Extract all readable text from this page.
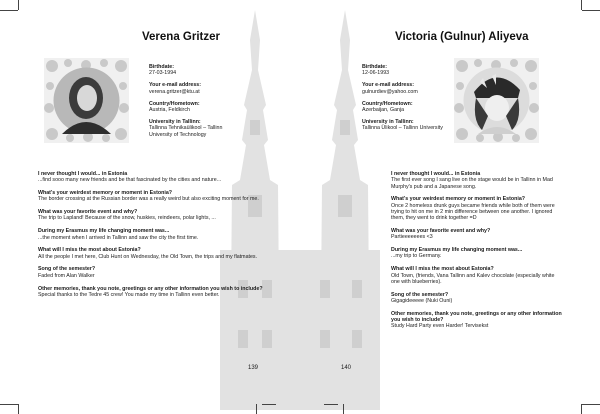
Verena Gritzer
Birthdate:
27-03-1994
Your e-mail address:
verena.gritzer@ktu.at
Country/Hometown:
Austria, Feldkirch
University in Tallinn:
Tallinna Tehnikaülikool – Tallinn University of Technology
I never thought I would... in Estonia
...find sooo many new friends and be that fascinated by the cities and nature...
What's your weirdest memory or moment in Estonia?
The border crossing at the Russian border was a really weird but also exciting moment for me.
What was your favorite event and why?
The trip to Lapland! Because of the snow, huskies, reindeers, polar lights, ...
During my Erasmus my life changing moment was...
...the moment when I arrived in Tallinn and saw the city the first time.
What will I miss the most about Estonia?
All the people I met here, Club Hunt on Wednesday, the Old Town, the trips and my flatmates.
Song of the semester?
Faded from Alan Walker
Other memories, thank you note, greetings or any other information you wish to include?
Special thanks to the Tedre 45 crew! You made my time in Tallinn even better.
139
Victoria (Gulnur) Aliyeva
Birthdate:
12-06-1993
Your e-mail address:
gulnurdiev@yahoo.com
Country/Hometown:
Azerbaijan, Ganja
University in Tallinn:
Tallinna Ülikool – Tallinn University
I never thought I would... in Estonia
The first ever song I sang live on the stage would be in Tallinn in Mad Murphy's pub and a Japanese song.
What's your weirdest memory or moment in Estonia?
Once 2 homeless drunk guys became friends while both of them were trying to hit on me in 2 min difference between one another. I ignored them, they went to drink together =D
What was your favorite event and why?
Partieeeeeees <3
During my Erasmus my life changing moment was...
...my trip to Germany.
What will I miss the most about Estonia?
Old Town, (friends, Vana Tallinn and Kalev chocolate (especially white one with blueberries).
Song of the semester?
Gigagideeeee (Nuki Ouni)
Other memories, thank you note, greetings or any other information you wish to include?
Study Hard Party even Harder! Tervisekst
140
